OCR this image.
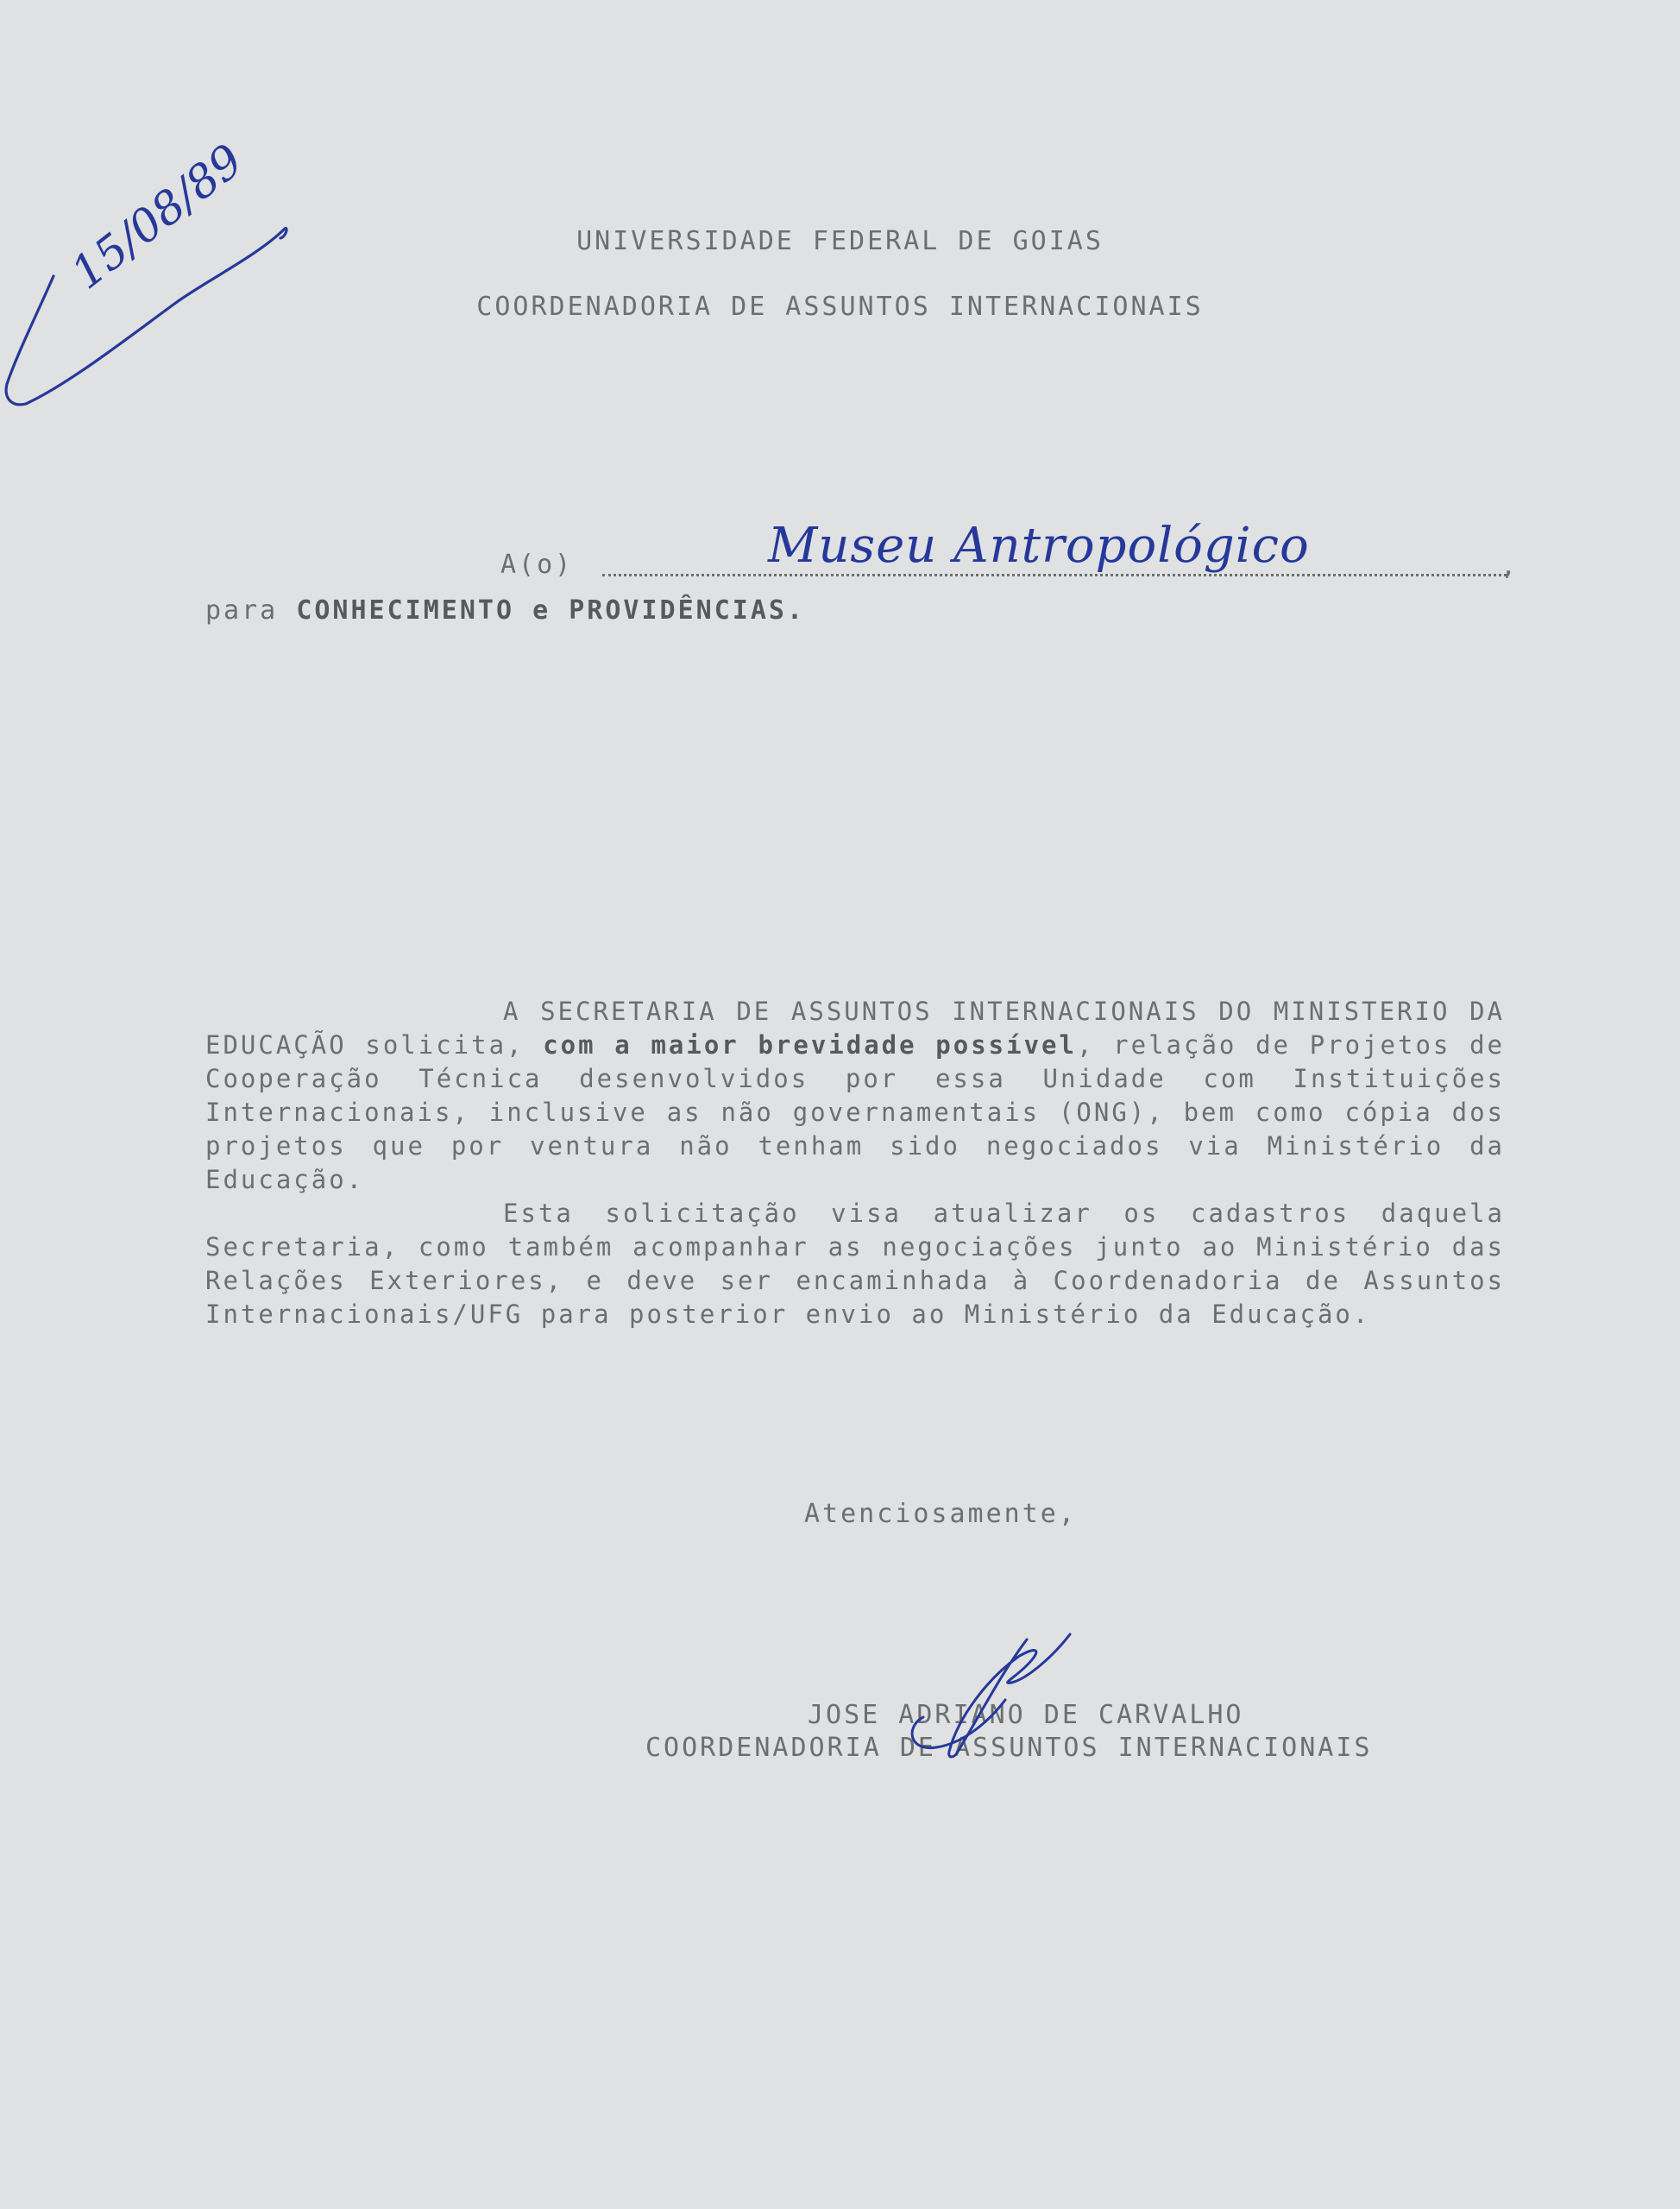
15/08/89	UNIVERSIDADE FEDERAL DE GOIAS
COORDENADORIA DE ASSUNTOS INTERNACIONAIS
A(o)	,
Museu Antropológico
para CONHECIMENTO e PROVIDÊNCIAS.

A SECRETARIA DE ASSUNTOS INTERNACIONAIS DO MINISTERIO DA EDUCAÇÃO solicita, com a maior brevidade possível, relação de Projetos de Cooperação Técnica desenvolvidos por essa Unidade com Instituições Internacionais, inclusive as não governamentais (ONG), bem como cópia dos projetos que por ventura não tenham sido negociados via Ministério da Educação.

Esta solicitação visa atualizar os cadastros daquela Secretaria, como também acompanhar as negociações junto ao Ministério das Relações Exteriores, e deve ser encaminhada à Coordenadoria de Assuntos Internacionais/UFG para posterior envio ao Ministério da Educação.

Atenciosamente,
JOSE ADRIANO DE CARVALHO
COORDENADORIA DE ASSUNTOS INTERNACIONAIS
